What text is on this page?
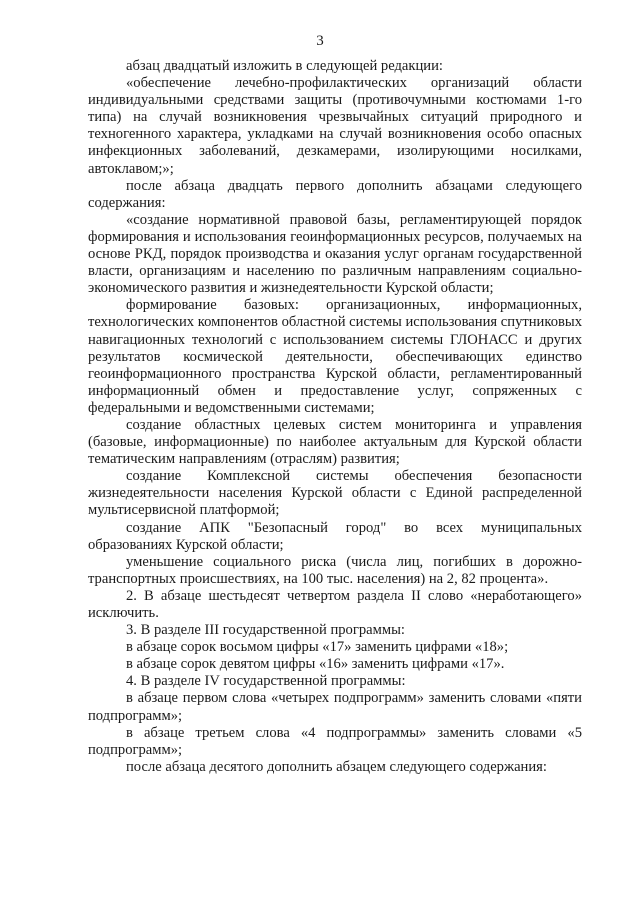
3

абзац двадцатый изложить в следующей редакции:

«обеспечение лечебно-профилактических организаций области индивидуальными средствами защиты (противочумными костюмами 1-го типа) на случай возникновения чрезвычайных ситуаций природного и техногенного характера, укладками на случай возникновения особо опасных инфекционных заболеваний, дезкамерами, изолирующими носилками, автоклавом;»;

после абзаца двадцать первого дополнить абзацами следующего содержания:

«создание нормативной правовой базы, регламентирующей порядок формирования и использования геоинформационных ресурсов, получаемых на основе РКД, порядок производства и оказания услуг органам государственной власти, организациям и населению по различным направлениям социально-экономического развития и жизнедеятельности Курской области;

формирование базовых: организационных, информационных, технологических компонентов областной системы использования спутниковых навигационных технологий с использованием системы ГЛОНАСС и других результатов космической деятельности, обеспечивающих единство геоинформационного пространства Курской области, регламентированный информационный обмен и предоставление услуг, сопряженных с федеральными и ведомственными системами;

создание областных целевых систем мониторинга и управления (базовые, информационные) по наиболее актуальным для Курской области тематическим направлениям (отраслям) развития;

создание Комплексной системы обеспечения безопасности жизнедеятельности населения Курской области с Единой распределенной мультисервисной платформой;

создание АПК "Безопасный город" во всех муниципальных образованиях Курской области;

уменьшение социального риска (числа лиц, погибших в дорожно-транспортных происшествиях, на 100 тыс. населения) на 2, 82 процента».

2. В абзаце шестьдесят четвертом раздела II слово «неработающего» исключить.

3. В разделе III государственной программы:

в абзаце сорок восьмом цифры «17» заменить цифрами «18»;

в абзаце сорок девятом цифры «16» заменить цифрами «17».

4. В разделе IV государственной программы:

в абзаце первом слова «четырех подпрограмм» заменить словами «пяти подпрограмм»;

в абзаце третьем слова «4 подпрограммы» заменить словами «5 подпрограмм»;

после абзаца десятого дополнить абзацем следующего содержания:
